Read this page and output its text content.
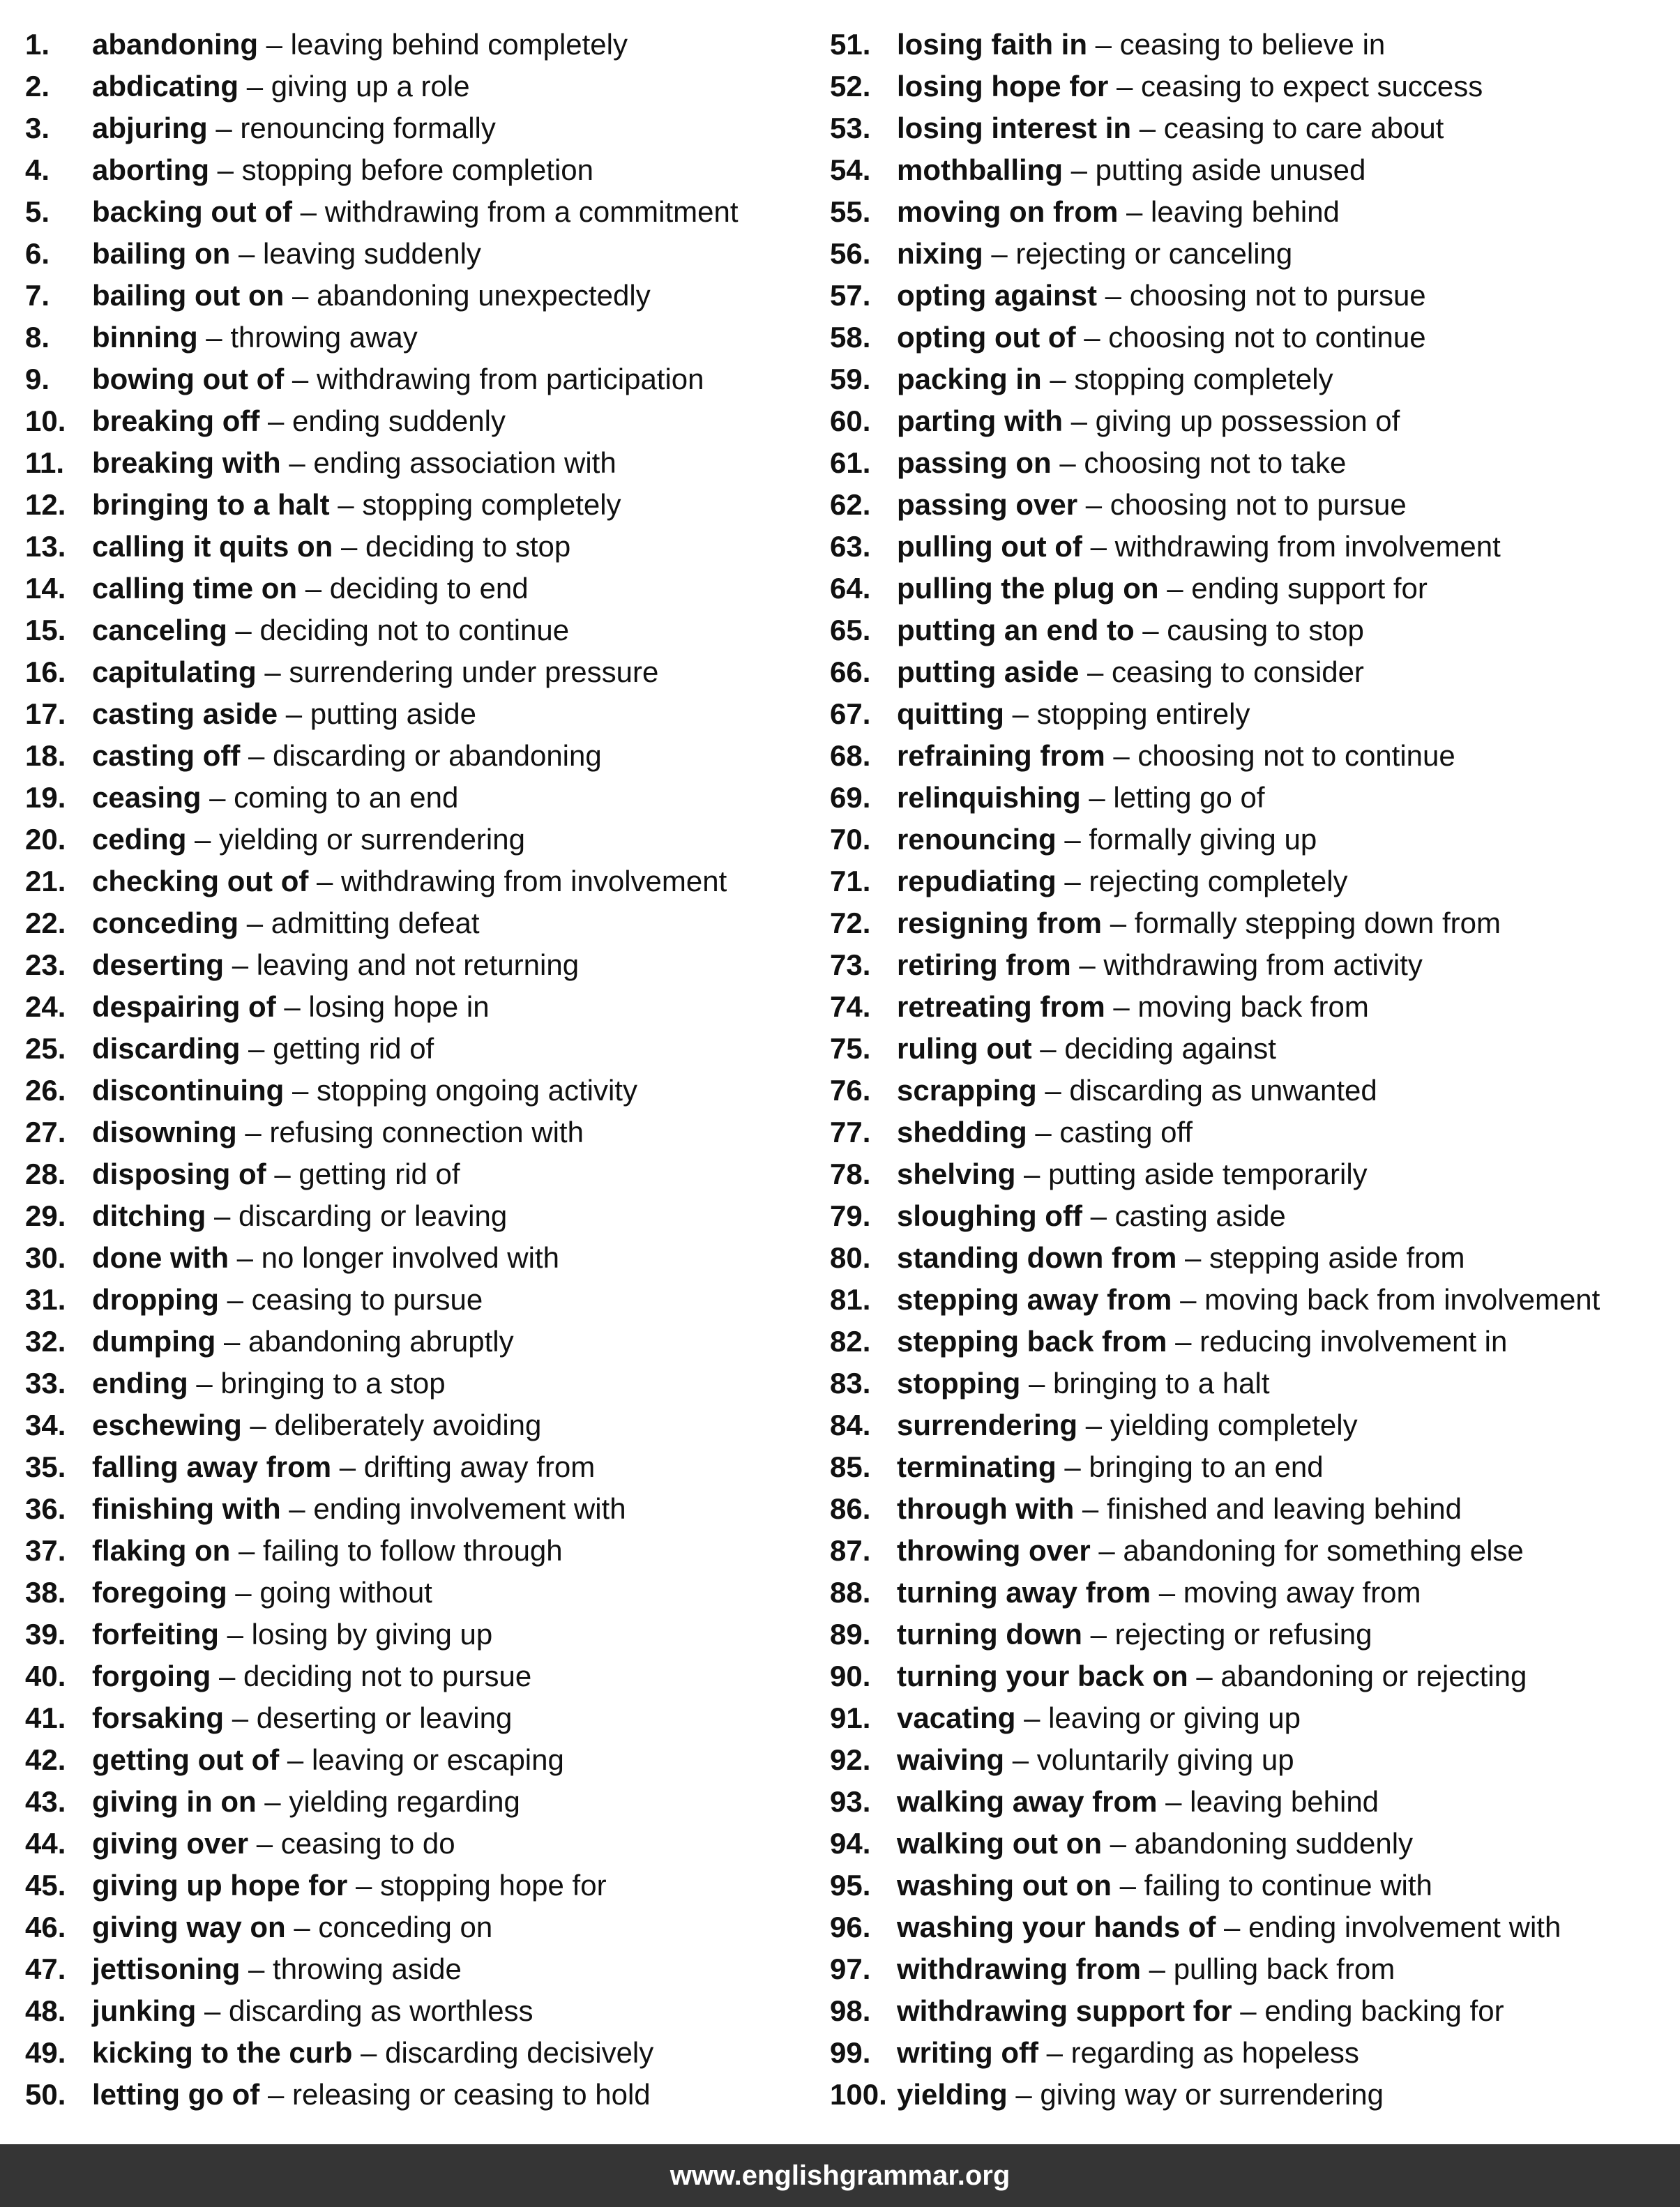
1. abandoning – leaving behind completely
2. abdicating – giving up a role
3. abjuring – renouncing formally
4. aborting – stopping before completion
5. backing out of – withdrawing from a commitment
6. bailing on – leaving suddenly
7. bailing out on – abandoning unexpectedly
8. binning – throwing away
9. bowing out of – withdrawing from participation
10. breaking off – ending suddenly
11. breaking with – ending association with
12. bringing to a halt – stopping completely
13. calling it quits on – deciding to stop
14. calling time on – deciding to end
15. canceling – deciding not to continue
16. capitulating – surrendering under pressure
17. casting aside – putting aside
18. casting off – discarding or abandoning
19. ceasing – coming to an end
20. ceding – yielding or surrendering
21. checking out of – withdrawing from involvement
22. conceding – admitting defeat
23. deserting – leaving and not returning
24. despairing of – losing hope in
25. discarding – getting rid of
26. discontinuing – stopping ongoing activity
27. disowning – refusing connection with
28. disposing of – getting rid of
29. ditching – discarding or leaving
30. done with – no longer involved with
31. dropping – ceasing to pursue
32. dumping – abandoning abruptly
33. ending – bringing to a stop
34. eschewing – deliberately avoiding
35. falling away from – drifting away from
36. finishing with – ending involvement with
37. flaking on – failing to follow through
38. foregoing – going without
39. forfeiting – losing by giving up
40. forgoing – deciding not to pursue
41. forsaking – deserting or leaving
42. getting out of – leaving or escaping
43. giving in on – yielding regarding
44. giving over – ceasing to do
45. giving up hope for – stopping hope for
46. giving way on – conceding on
47. jettisoning – throwing aside
48. junking – discarding as worthless
49. kicking to the curb – discarding decisively
50. letting go of – releasing or ceasing to hold
51. losing faith in – ceasing to believe in
52. losing hope for – ceasing to expect success
53. losing interest in – ceasing to care about
54. mothballing – putting aside unused
55. moving on from – leaving behind
56. nixing – rejecting or canceling
57. opting against – choosing not to pursue
58. opting out of – choosing not to continue
59. packing in – stopping completely
60. parting with – giving up possession of
61. passing on – choosing not to take
62. passing over – choosing not to pursue
63. pulling out of – withdrawing from involvement
64. pulling the plug on – ending support for
65. putting an end to – causing to stop
66. putting aside – ceasing to consider
67. quitting – stopping entirely
68. refraining from – choosing not to continue
69. relinquishing – letting go of
70. renouncing – formally giving up
71. repudiating – rejecting completely
72. resigning from – formally stepping down from
73. retiring from – withdrawing from activity
74. retreating from – moving back from
75. ruling out – deciding against
76. scrapping – discarding as unwanted
77. shedding – casting off
78. shelving – putting aside temporarily
79. sloughing off – casting aside
80. standing down from – stepping aside from
81. stepping away from – moving back from involvement
82. stepping back from – reducing involvement in
83. stopping – bringing to a halt
84. surrendering – yielding completely
85. terminating – bringing to an end
86. through with – finished and leaving behind
87. throwing over – abandoning for something else
88. turning away from – moving away from
89. turning down – rejecting or refusing
90. turning your back on – abandoning or rejecting
91. vacating – leaving or giving up
92. waiving – voluntarily giving up
93. walking away from – leaving behind
94. walking out on – abandoning suddenly
95. washing out on – failing to continue with
96. washing your hands of – ending involvement with
97. withdrawing from – pulling back from
98. withdrawing support for – ending backing for
99. writing off – regarding as hopeless
100. yielding – giving way or surrendering
www.englishgrammar.org
